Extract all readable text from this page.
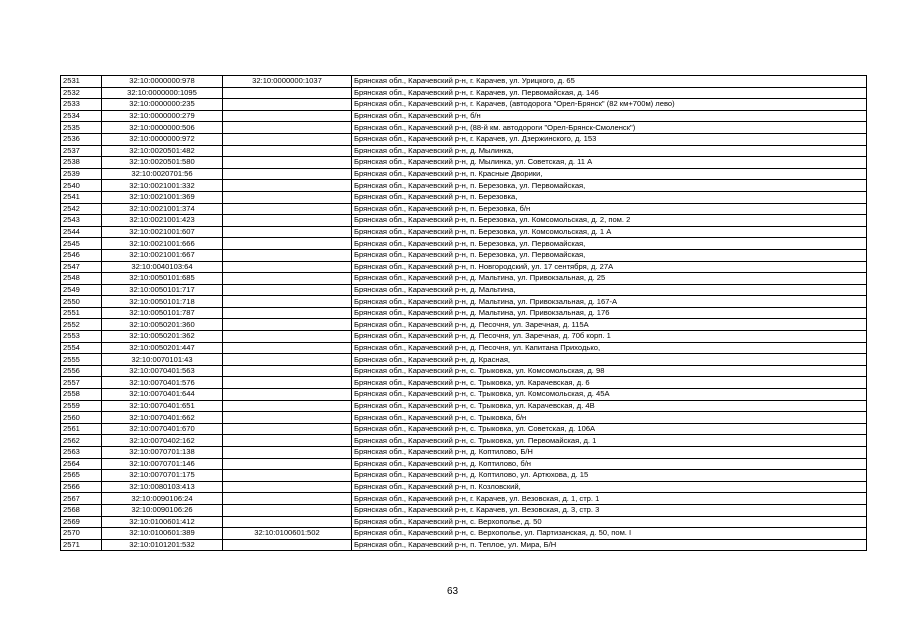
2531	32:10:0000000:978	32:10:0000000:1037	Брянская обл., Карачевский р-н, г. Карачев, ул. Урицкого, д. 65
2532	32:10:0000000:1095		Брянская обл., Карачевский р-н, г. Карачев, ул. Первомайская, д. 146
2533	32:10:0000000:235		Брянская обл., Карачевский р-н, г. Карачев, (автодорога "Орел-Брянск" (82 км+700м) лево)
2534	32:10:0000000:279		Брянская обл., Карачевский р-н, б/н
2535	32:10:0000000:506		Брянская обл., Карачевский р-н, (88-й км. автодороги "Орел-Брянск-Смоленск")
2536	32:10:0000000:972		Брянская обл., Карачевский р-н, г. Карачев, ул. Дзержинского, д. 153
2537	32:10:0020501:482		Брянская обл., Карачевский р-н, д. Мылинка,
2538	32:10:0020501:580		Брянская обл., Карачевский р-н, д. Мылинка, ул. Советская, д. 11 А
2539	32:10:0020701:56		Брянская обл., Карачевский р-н, п. Красные Дворики,
2540	32:10:0021001:332		Брянская обл., Карачевский р-н, п. Березовка, ул. Первомайская,
2541	32:10:0021001:369		Брянская обл., Карачевский р-н, п. Березовка,
2542	32:10:0021001:374		Брянская обл., Карачевский р-н, п. Березовка, б/н
2543	32:10:0021001:423		Брянская обл., Карачевский р-н, п. Березовка, ул. Комсомольская, д. 2, пом. 2
2544	32:10:0021001:607		Брянская обл., Карачевский р-н, п. Березовка, ул. Комсомольская, д. 1 А
2545	32:10:0021001:666		Брянская обл., Карачевский р-н, п. Березовка, ул. Первомайская,
2546	32:10:0021001:667		Брянская обл., Карачевский р-н, п. Березовка, ул. Первомайская,
2547	32:10:0040103:64		Брянская обл., Карачевский р-н, п. Новгородский, ул. 17 сентября, д. 27А
2548	32:10:0050101:685		Брянская обл., Карачевский р-н, д. Мальтина, ул. Привокзальная, д. 25
2549	32:10:0050101:717		Брянская обл., Карачевский р-н, д. Мальтина,
2550	32:10:0050101:718		Брянская обл., Карачевский р-н, д. Мальтина, ул. Привокзальная, д. 167-А
2551	32:10:0050101:787		Брянская обл., Карачевский р-н, д. Мальтина, ул. Привокзальная, д. 176
2552	32:10:0050201:360		Брянская обл., Карачевский р-н, д. Песочня, ул. Заречная, д. 115А
2553	32:10:0050201:362		Брянская обл., Карачевский р-н, д. Песочня, ул. Заречная, д. 70б корп. 1
2554	32:10:0050201:447		Брянская обл., Карачевский р-н, д. Песочня, ул. Капитана Приходько,
2555	32:10:0070101:43		Брянская обл., Карачевский р-н, д. Красная,
2556	32:10:0070401:563		Брянская обл., Карачевский р-н, с. Трыковка, ул. Комсомольская, д. 98
2557	32:10:0070401:576		Брянская обл., Карачевский р-н, с. Трыковка, ул. Карачевская, д. 6
2558	32:10:0070401:644		Брянская обл., Карачевский р-н, с. Трыковка, ул. Комсомольская, д. 45А
2559	32:10:0070401:651		Брянская обл., Карачевский р-н, с. Трыковка, ул. Карачевская, д. 4В
2560	32:10:0070401:662		Брянская обл., Карачевский р-н, с. Трыковка, б/н
2561	32:10:0070401:670		Брянская обл., Карачевский р-н, с. Трыковка, ул. Советская, д. 106А
2562	32:10:0070402:162		Брянская обл., Карачевский р-н, с. Трыковка, ул. Первомайская, д. 1
2563	32:10:0070701:138		Брянская обл., Карачевский р-н, д. Коптилово, Б/Н
2564	32:10:0070701:146		Брянская обл., Карачевский р-н, д. Коптилово, б/н
2565	32:10:0070701:175		Брянская обл., Карачевский р-н, д. Коптилово, ул. Артюхова, д. 15
2566	32:10:0080103:413		Брянская обл., Карачевский р-н, п. Козловский,
2567	32:10:0090106:24		Брянская обл., Карачевский р-н, г. Карачев, ул. Везовская, д. 1, стр. 1
2568	32:10:0090106:26		Брянская обл., Карачевский р-н, г. Карачев, ул. Везовская, д. 3, стр. 3
2569	32:10:0100601:412		Брянская обл., Карачевский р-н, с. Верхополье, д. 50
2570	32:10:0100601:389	32:10:0100601:502	Брянская обл., Карачевский р-н, с. Верхополье, ул. Партизанская, д. 50, пом. I
2571	32:10:0101201:532		Брянская обл., Карачевский р-н, п. Теплое, ул. Мира, Б/Н
63
